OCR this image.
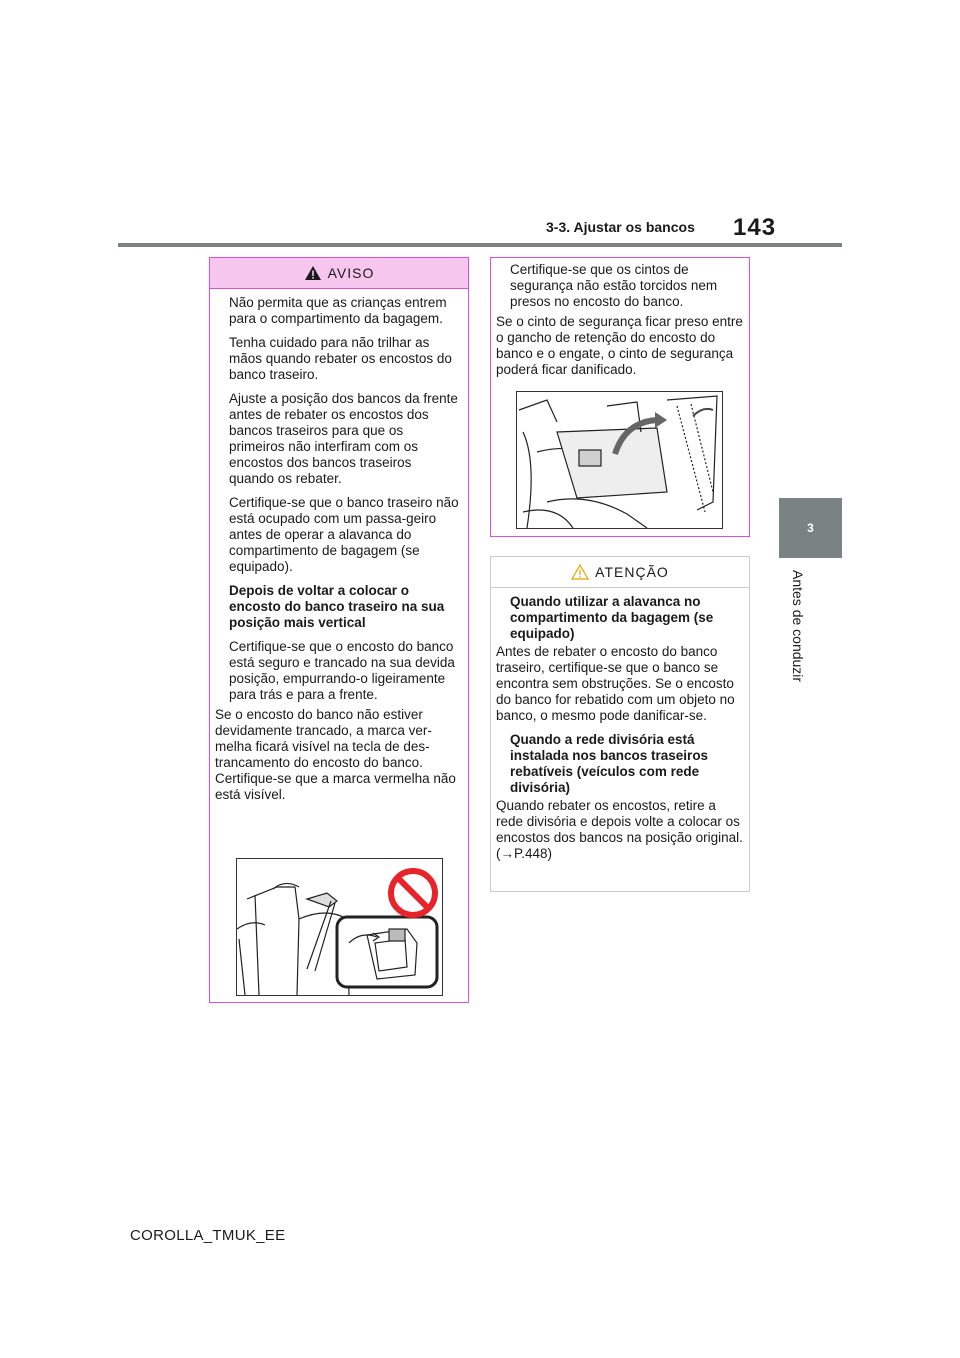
3-3. Ajustar os bancos 143
3
Antes de conduzir
AVISO

Não permita que as crianças entrem para o compartimento da bagagem.

Tenha cuidado para não trilhar as mãos quando rebater os encostos do banco traseiro.

Ajuste a posição dos bancos da frente antes de rebater os encostos dos bancos traseiros para que os primeiros não interfiram com os encostos dos bancos traseiros quando os rebater.

Certifique-se que o banco traseiro não está ocupado com um passa-geiro antes de operar a alavanca do compartimento de bagagem (se equipado).

Depois de voltar a colocar o encosto do banco traseiro na sua posição mais vertical

Certifique-se que o encosto do banco está seguro e trancado na sua devida posição, empurrando-o ligeiramente para trás e para a frente.

Se o encosto do banco não estiver devidamente trancado, a marca ver-melha ficará visível na tecla de des-trancamento do encosto do banco. Certifique-se que a marca vermelha não está visível.

Certifique-se que os cintos de segurança não estão torcidos nem presos no encosto do banco.

Se o cinto de segurança ficar preso entre o gancho de retenção do encosto do banco e o engate, o cinto de segurança poderá ficar danificado.

ATENÇÃO

Quando utilizar a alavanca no compartimento da bagagem (se equipado)

Antes de rebater o encosto do banco traseiro, certifique-se que o banco se encontra sem obstruções. Se o encosto do banco for rebatido com um objeto no banco, o mesmo pode danificar-se.

Quando a rede divisória está instalada nos bancos traseiros rebatíveis (veículos com rede divisória)

Quando rebater os encostos, retire a rede divisória e depois volte a colocar os encostos dos bancos na posição original. (→P.448)

COROLLA_TMUK_EE
